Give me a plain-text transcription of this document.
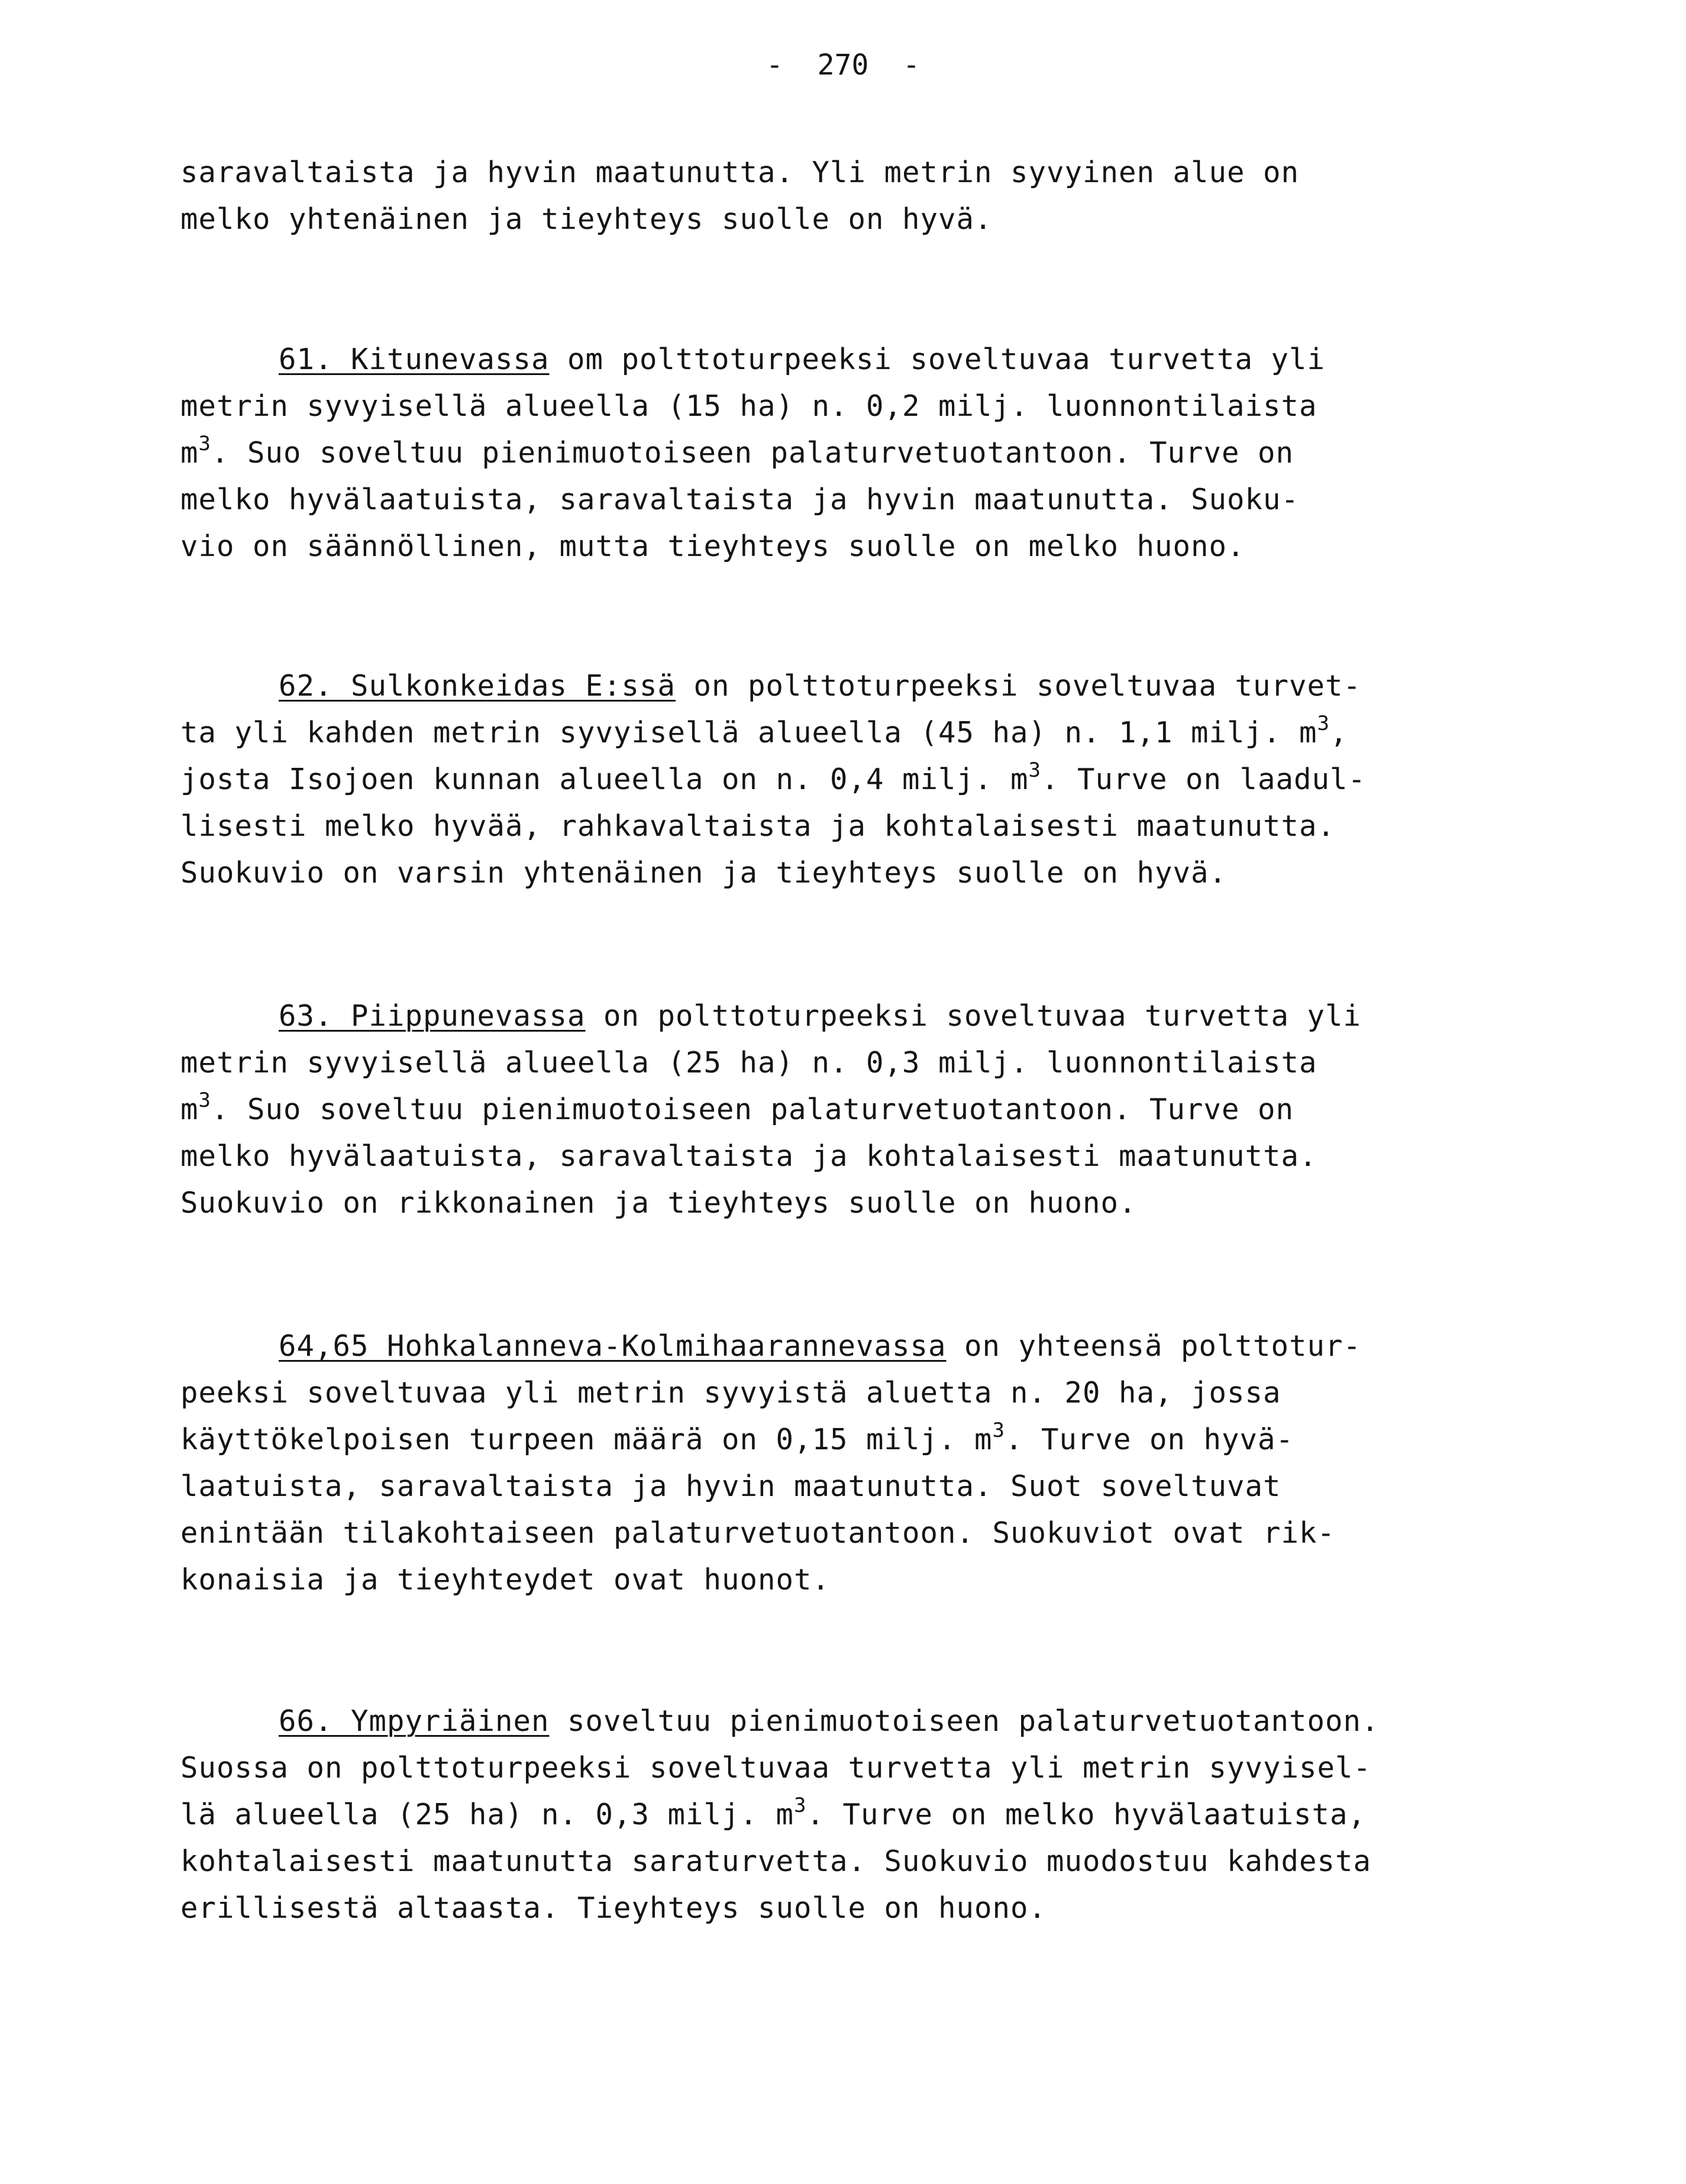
-  270  -
saravaltaista ja hyvin maatunutta. Yli metrin syvyinen alue on
melko yhtenäinen ja tieyhteys suolle on hyvä.
61. Kitunevassa om polttoturpeeksi soveltuvaa turvetta yli
metrin syvyisellä alueella (15 ha) n. 0,2 milj. luonnontilaista
$m^3$. Suo soveltuu pienimuotoiseen palaturvetuotantoon. Turve on
melko hyvälaatuista, saravaltaista ja hyvin maatunutta. Suoku-
vio on säännöllinen, mutta tieyhteys suolle on melko huono.
62. Sulkonkeidas E:ssä on polttoturpeeksi soveltuvaa turvet-
ta yli kahden metrin syvyisellä alueella (45 ha) n. 1,1 milj. $m^3$,
josta Isojoen kunnan alueella on n. 0,4 milj. $m^3$. Turve on laadul-
lisesti melko hyvää, rahkavaltaista ja kohtalaisesti maatunutta.
Suokuvio on varsin yhtenäinen ja tieyhteys suolle on hyvä.
63. Piippunevassa on polttoturpeeksi soveltuvaa turvetta yli
metrin syvyisellä alueella (25 ha) n. 0,3 milj. luonnontilaista
$m^3$. Suo soveltuu pienimuotoiseen palaturvetuotantoon. Turve on
melko hyvälaatuista, saravaltaista ja kohtalaisesti maatunutta.
Suokuvio on rikkonainen ja tieyhteys suolle on huono.
64,65 Hohkalanneva-Kolmihaarannevassa on yhteensä polttotur-
peeksi soveltuvaa yli metrin syvyistä aluetta n. 20 ha, jossa
käyttökelpoisen turpeen määrä on 0,15 milj. $m^3$. Turve on hyvä-
laatuista, saravaltaista ja hyvin maatunutta. Suot soveltuvat
enintään tilakohtaiseen palaturvetuotantoon. Suokuviot ovat rik-
konaisia ja tieyhteydet ovat huonot.
66. Ympyriäinen soveltuu pienimuotoiseen palaturvetuotantoon.
Suossa on polttoturpeeksi soveltuvaa turvetta yli metrin syvyisel-
lä alueella (25 ha) n. 0,3 milj. $m^3$. Turve on melko hyvälaatuista,
kohtalaisesti maatunutta saraturvetta. Suokuvio muodostuu kahdesta
erillisestä altaasta. Tieyhteys suolle on huono.
